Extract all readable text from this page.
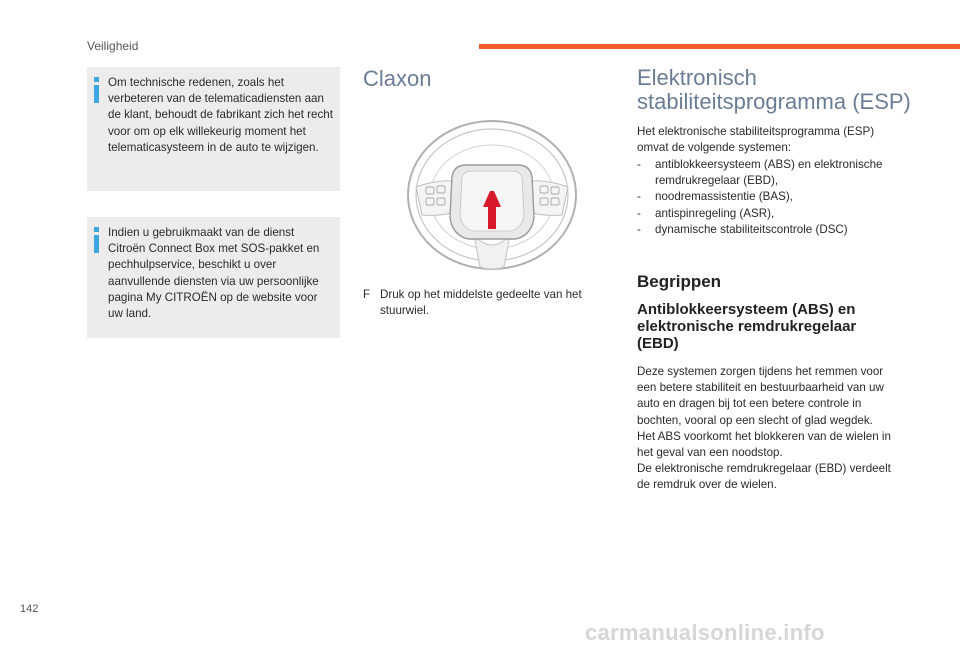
Veiligheid
Om technische redenen, zoals het verbeteren van de telematicadiensten aan de klant, behoudt de fabrikant zich het recht voor om op elk willekeurig moment het telematicasysteem in de auto te wijzigen.
Indien u gebruikmaakt van de dienst Citroën Connect Box met SOS-pakket en pechhulpservice, beschikt u over aanvullende diensten via uw persoonlijke pagina My CITROËN op de website voor uw land.
Claxon
F Druk op het middelste gedeelte van het stuurwiel.
Elektronisch stabiliteitsprogramma (ESP)
Het elektronische stabiliteitsprogramma (ESP) omvat de volgende systemen:
- antiblokkeersysteem (ABS) en elektronische remdrukregelaar (EBD),
- noodremassistentie (BAS),
- antispinregeling (ASR),
- dynamische stabiliteitscontrole (DSC)
Begrippen
Antiblokkeersysteem (ABS) en elektronische remdrukregelaar (EBD)

Deze systemen zorgen tijdens het remmen voor een betere stabiliteit en bestuurbaarheid van uw auto en dragen bij tot een betere controle in bochten, vooral op een slecht of glad wegdek.

Het ABS voorkomt het blokkeren van de wielen in het geval van een noodstop.

De elektronische remdrukregelaar (EBD) verdeelt de remdruk over de wielen.

142
carmanualsonline.info
